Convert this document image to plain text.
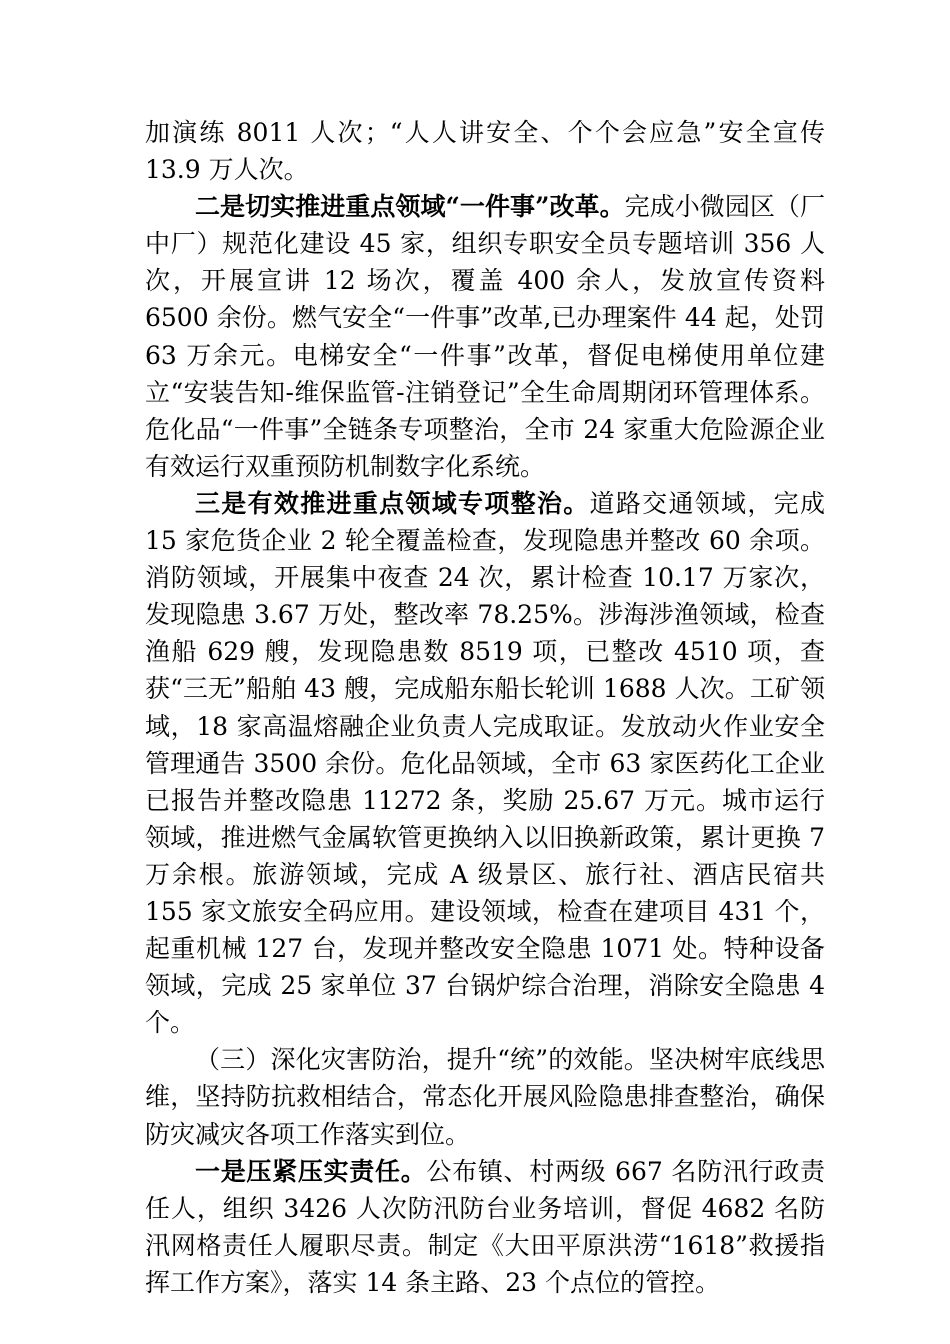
加演练 8011 人次；“人人讲安全、个个会应急”安全宣传 13.9 万人次。

二是切实推进重点领域“一件事”改革。完成小微园区（厂中厂）规范化建设 45 家，组织专职安全员专题培训 356 人次，开展宣讲 12 场次，覆盖 400 余人，发放宣传资料 6500 余份。燃气安全“一件事”改革,已办理案件 44 起，处罚 63 万余元。电梯安全“一件事”改革，督促电梯使用单位建立“安装告知-维保监管-注销登记”全生命周期闭环管理体系。危化品“一件事”全链条专项整治，全市 24 家重大危险源企业有效运行双重预防机制数字化系统。

三是有效推进重点领域专项整治。道路交通领域，完成 15 家危货企业 2 轮全覆盖检查，发现隐患并整改 60 余项。消防领域，开展集中夜查 24 次，累计检查 10.17 万家次，发现隐患 3.67 万处，整改率 78.25%。涉海涉渔领域，检查渔船 629 艘，发现隐患数 8519 项，已整改 4510 项，查获“三无”船舶 43 艘，完成船东船长轮训 1688 人次。工矿领域，18 家高温熔融企业负责人完成取证。发放动火作业安全管理通告 3500 余份。危化品领域，全市 63 家医药化工企业已报告并整改隐患 11272 条，奖励 25.67 万元。城市运行领域，推进燃气金属软管更换纳入以旧换新政策，累计更换 7 万余根。旅游领域，完成 A 级景区、旅行社、酒店民宿共 155 家文旅安全码应用。建设领域，检查在建项目 431 个，起重机械 127 台，发现并整改安全隐患 1071 处。特种设备领域，完成 25 家单位 37 台锅炉综合治理，消除安全隐患 4 个。

（三）深化灾害防治，提升“统”的效能。坚决树牢底线思维，坚持防抗救相结合，常态化开展风险隐患排查整治，确保防灾减灾各项工作落实到位。

一是压紧压实责任。公布镇、村两级 667 名防汛行政责任人，组织 3426 人次防汛防台业务培训，督促 4682 名防汛网格责任人履职尽责。制定《大田平原洪涝“1618”救援指挥工作方案》，落实 14 条主路、23 个点位的管控。
